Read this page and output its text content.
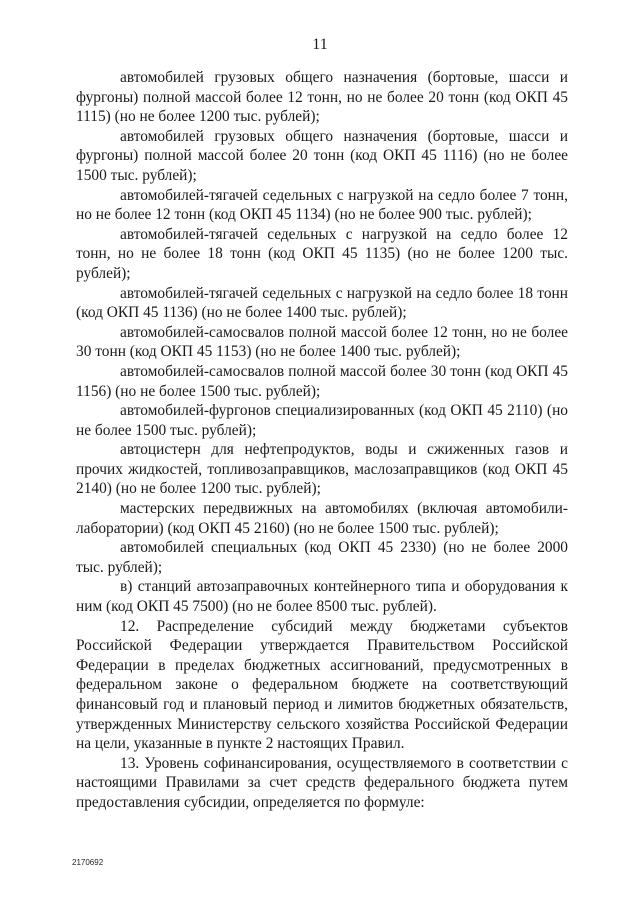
11

автомобилей грузовых общего назначения (бортовые, шасси и фургоны) полной массой более 12 тонн, но не более 20 тонн (код ОКП 45 1115) (но не более 1200 тыс. рублей);

автомобилей грузовых общего назначения (бортовые, шасси и фургоны) полной массой более 20 тонн (код ОКП 45 1116) (но не более 1500 тыс. рублей);

автомобилей-тягачей седельных с нагрузкой на седло более 7 тонн, но не более 12 тонн (код ОКП 45 1134) (но не более 900 тыс. рублей);

автомобилей-тягачей седельных с нагрузкой на седло более 12 тонн, но не более 18 тонн (код ОКП 45 1135) (но не более 1200 тыс. рублей);

автомобилей-тягачей седельных с нагрузкой на седло более 18 тонн (код ОКП 45 1136) (но не более 1400 тыс. рублей);

автомобилей-самосвалов полной массой более 12 тонн, но не более 30 тонн (код ОКП 45 1153) (но не более 1400 тыс. рублей);

автомобилей-самосвалов полной массой более 30 тонн (код ОКП 45 1156) (но не более 1500 тыс. рублей);

автомобилей-фургонов специализированных (код ОКП 45 2110) (но не более 1500 тыс. рублей);

автоцистерн для нефтепродуктов, воды и сжиженных газов и прочих жидкостей, топливозаправщиков, маслозаправщиков (код ОКП 45 2140) (но не более 1200 тыс. рублей);

мастерских передвижных на автомобилях (включая автомобили-лаборатории) (код ОКП 45 2160) (но не более 1500 тыс. рублей);

автомобилей специальных (код ОКП 45 2330) (но не более 2000 тыс. рублей);

в) станций автозаправочных контейнерного типа и оборудования к ним (код ОКП 45 7500) (но не более 8500 тыс. рублей).

12. Распределение субсидий между бюджетами субъектов Российской Федерации утверждается Правительством Российской Федерации в пределах бюджетных ассигнований, предусмотренных в федеральном законе о федеральном бюджете на соответствующий финансовый год и плановый период и лимитов бюджетных обязательств, утвержденных Министерству сельского хозяйства Российской Федерации на цели, указанные в пункте 2 настоящих Правил.

13. Уровень софинансирования, осуществляемого в соответствии с настоящими Правилами за счет средств федерального бюджета путем предоставления субсидии, определяется по формуле:

2170692
